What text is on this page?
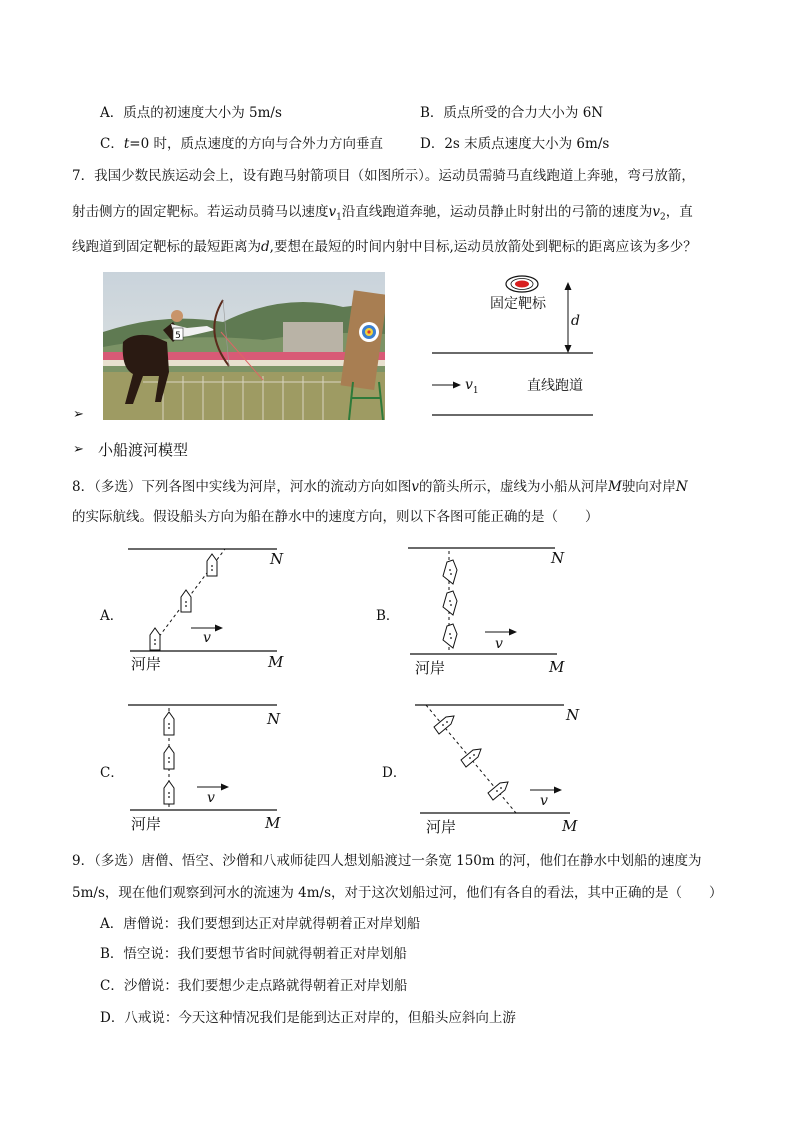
A．质点的初速度大小为 5m/s	B．质点所受的合力大小为 6N
C．t=0 时，质点速度的方向与合外力方向垂直	D．2s 末质点速度大小为 6m/s
7．我国少数民族运动会上，设有跑马射箭项目（如图所示）。运动员需骑马直线跑道上奔驰，弯弓放箭，
射击侧方的固定靶标。若运动员骑马以速度$v_1$沿直线跑道奔驰，运动员静止时射出的弓箭的速度为$v_2$，直
线跑道到固定靶标的最短距离为d,要想在最短的时间内射中目标,运动员放箭处到靶标的距离应该为多少？
5
➢
固定靶标
d
$v_1$	直线跑道
➢ 小船渡河模型
8．（多选）下列各图中实线为河岸，河水的流动方向如图v的箭头所示，虚线为小船从河岸M驶向对岸N
的实际航线。假设船头方向为船在静水中的速度方向，则以下各图可能正确的是（　　）
A．
N
M
v
河岸
B．
N
M
v
河岸
C．
N
M
v
河岸
D．
N
M
v
河岸
9．（多选）唐僧、悟空、沙僧和八戒师徒四人想划船渡过一条宽 150m 的河，他们在静水中划船的速度为
5m/s，现在他们观察到河水的流速为 4m/s，对于这次划船过河，他们有各自的看法，其中正确的是（　　）
A．唐僧说：我们要想到达正对岸就得朝着正对岸划船
B．悟空说：我们要想节省时间就得朝着正对岸划船
C．沙僧说：我们要想少走点路就得朝着正对岸划船
D．八戒说：今天这种情况我们是能到达正对岸的，但船头应斜向上游
